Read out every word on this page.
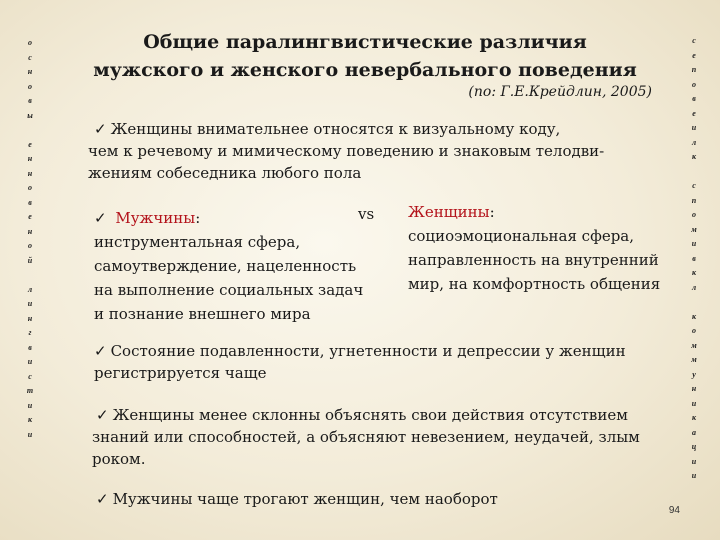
о
с
н
о
в
ы

е
н
н
о
в
е
н
о
й

л
и
н
г
в
и
с
т
и
к
и
с
е
п
о
в
е
и
л
к

с
п
о
м
и
в
к
л

к
о
м
м
у
н
и
к
а
ц
и
и
Общие паралингвистические различия
мужского и женского невербального поведения
(по: Г.Е.Крейдлин, 2005)
✓ Женщины внимательнее относятся к визуальному коду,
чем к речевому и мимическому поведению и знаковым телодви-
жениям собеседника любого пола
✓ Мужчины:	vs
инструментальная сфера,
самоутверждение, нацеленность
на выполнение социальных задач
и познание внешнего мира
Женщины:
социоэмоциональная сфера,
направленность на внутренний
мир, на комфортность общения
✓ Состояние подавленности, угнетенности и депрессии у женщин
регистрируется чаще
✓ Женщины менее склонны объяснять свои действия отсутствием
знаний или способностей, а объясняют невезением, неудачей, злым
роком.
✓ Мужчины чаще трогают женщин, чем наоборот
94
